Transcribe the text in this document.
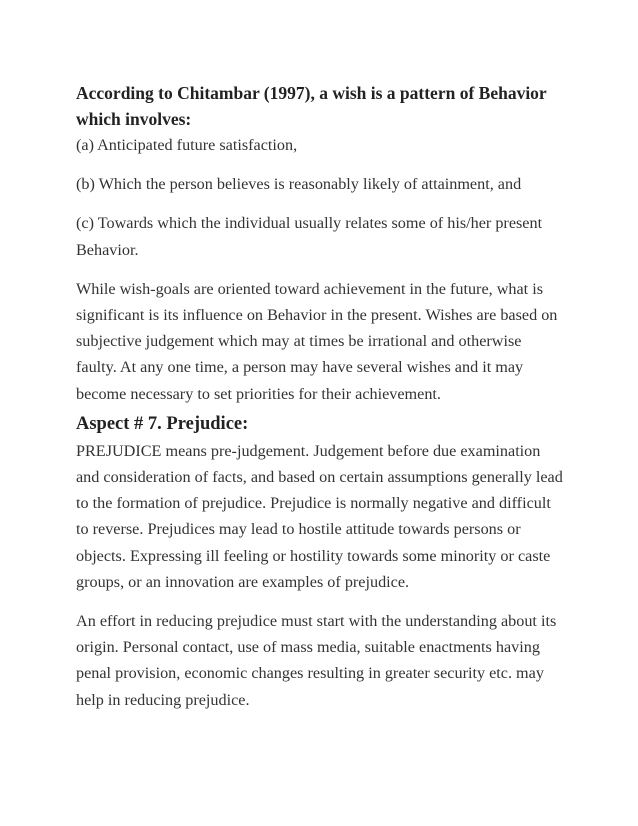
According to Chitambar (1997), a wish is a pattern of Behavior which involves:

(a) Anticipated future satisfaction,

(b) Which the person believes is reasonably likely of attainment, and

(c) Towards which the individual usually relates some of his/her present Behavior.

While wish-goals are oriented toward achievement in the future, what is significant is its influence on Behavior in the present. Wishes are based on subjective judgement which may at times be irrational and otherwise faulty. At any one time, a person may have several wishes and it may become necessary to set priorities for their achievement.

Aspect # 7. Prejudice:

PREJUDICE means pre-judgement. Judgement before due examination and consideration of facts, and based on certain assumptions generally lead to the formation of prejudice. Prejudice is normally negative and difficult to reverse. Prejudices may lead to hostile attitude towards persons or objects. Expressing ill feeling or hostility towards some minority or caste groups, or an innovation are examples of prejudice.

An effort in reducing prejudice must start with the understanding about its origin. Personal contact, use of mass media, suitable enactments having penal provision, economic changes resulting in greater security etc. may help in reducing prejudice.
